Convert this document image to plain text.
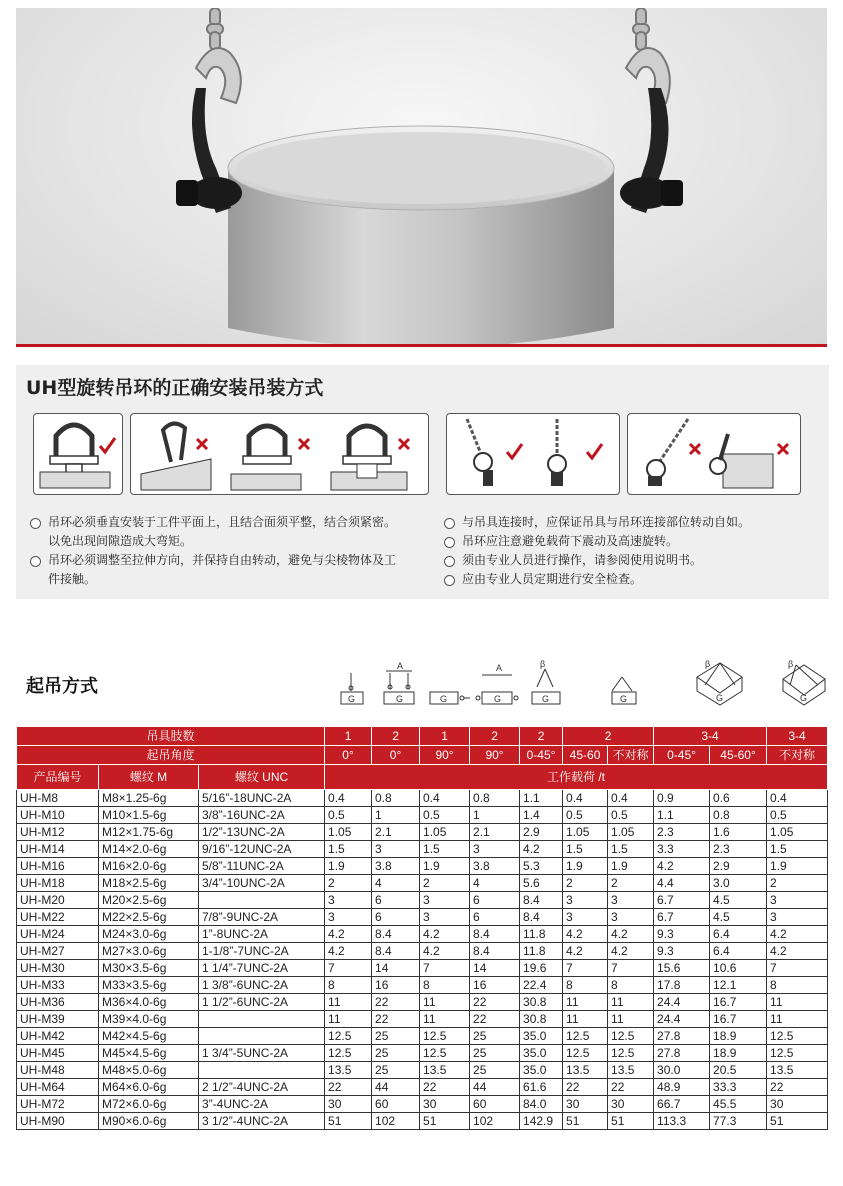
UH型旋转吊环的正确安装吊装方式
吊环必须垂直安装于工件平面上，且结合面须平整，结合须紧密。
以免出现间隙造成大弯矩。
吊环必须调整至拉伸方向，并保持自由转动，避免与尖棱物体及工
件接触。
与吊具连接时，应保证吊具与吊环连接部位转动自如。
吊环应注意避免载荷下震动及高速旋转。
须由专业人员进行操作，请参阅使用说明书。
应由专业人员定期进行安全检查。
起吊方式
G
A
G	G
A
G
β
G	G
β
G
β
G
吊具肢数			1	2	1	2	2	2		3-4		3-4
起吊角度			0°	0°	90°	90°	0-45°	45-60	不对称	0-45°	45-60°	不对称
产品编号	螺纹 M	螺纹 UNC	工作载荷 /t									
UH-M8	M8×1.25-6g	5/16”-18UNC-2A	0.4	0.8	0.4	0.8	1.1	0.4	0.4	0.9	0.6	0.4
UH-M10	M10×1.5-6g	3/8”-16UNC-2A	0.5	1	0.5	1	1.4	0.5	0.5	1.1	0.8	0.5
UH-M12	M12×1.75-6g	1/2”-13UNC-2A	1.05	2.1	1.05	2.1	2.9	1.05	1.05	2.3	1.6	1.05
UH-M14	M14×2.0-6g	9/16”-12UNC-2A	1.5	3	1.5	3	4.2	1.5	1.5	3.3	2.3	1.5
UH-M16	M16×2.0-6g	5/8”-11UNC-2A	1.9	3.8	1.9	3.8	5.3	1.9	1.9	4.2	2.9	1.9
UH-M18	M18×2.5-6g	3/4”-10UNC-2A	2	4	2	4	5.6	2	2	4.4	3.0	2
UH-M20	M20×2.5-6g		3	6	3	6	8.4	3	3	6.7	4.5	3
UH-M22	M22×2.5-6g	7/8”-9UNC-2A	3	6	3	6	8.4	3	3	6.7	4.5	3
UH-M24	M24×3.0-6g	1”-8UNC-2A	4.2	8.4	4.2	8.4	11.8	4.2	4.2	9.3	6.4	4.2
UH-M27	M27×3.0-6g	1-1/8”-7UNC-2A	4.2	8.4	4.2	8.4	11.8	4.2	4.2	9.3	6.4	4.2
UH-M30	M30×3.5-6g	1 1/4”-7UNC-2A	7	14	7	14	19.6	7	7	15.6	10.6	7
UH-M33	M33×3.5-6g	1 3/8”-6UNC-2A	8	16	8	16	22.4	8	8	17.8	12.1	8
UH-M36	M36×4.0-6g	1 1/2”-6UNC-2A	11	22	11	22	30.8	11	11	24.4	16.7	11
UH-M39	M39×4.0-6g		11	22	11	22	30.8	11	11	24.4	16.7	11
UH-M42	M42×4.5-6g		12.5	25	12.5	25	35.0	12.5	12.5	27.8	18.9	12.5
UH-M45	M45×4.5-6g	1 3/4”-5UNC-2A	12.5	25	12.5	25	35.0	12.5	12.5	27.8	18.9	12.5
UH-M48	M48×5.0-6g		13.5	25	13.5	25	35.0	13.5	13.5	30.0	20.5	13.5
UH-M64	M64×6.0-6g	2 1/2”-4UNC-2A	22	44	22	44	61.6	22	22	48.9	33.3	22
UH-M72	M72×6.0-6g	3”-4UNC-2A	30	60	30	60	84.0	30	30	66.7	45.5	30
UH-M90	M90×6.0-6g	3 1/2”-4UNC-2A	51	102	51	102	142.9	51	51	113.3	77.3	51
